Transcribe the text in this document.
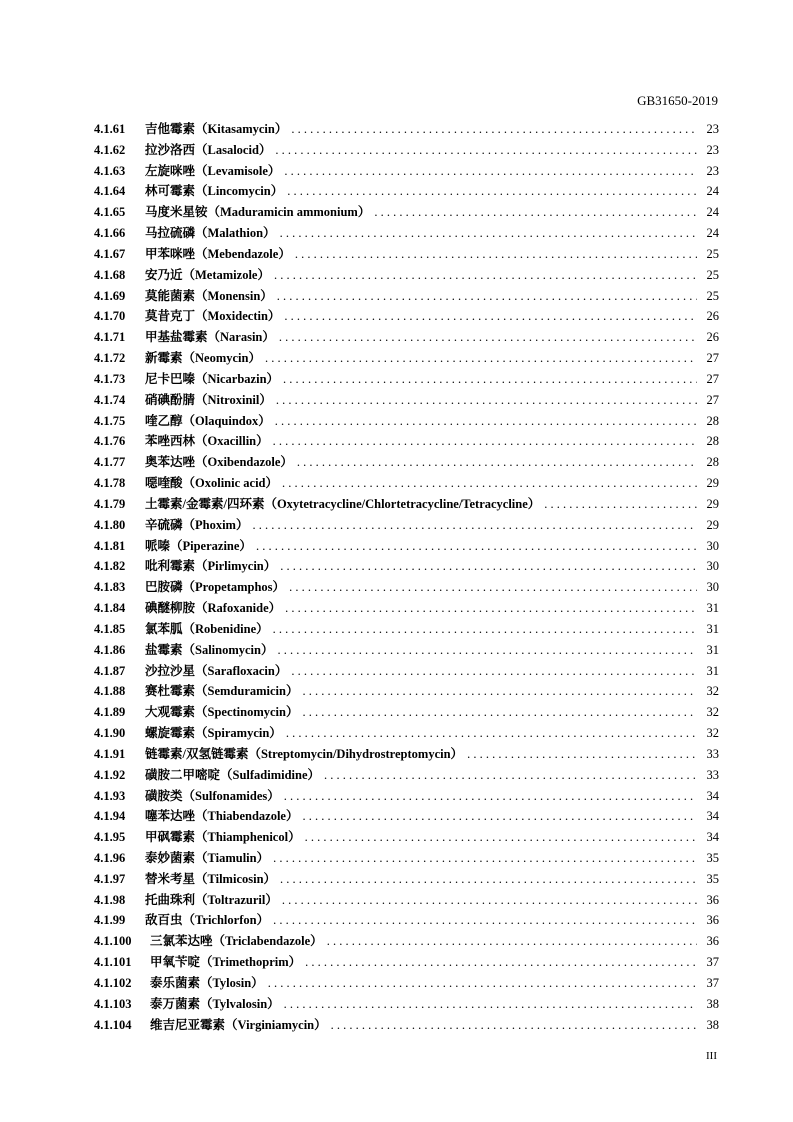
GB31650-2019
4.1.61	吉他霉素（Kitasamycin） . . .	23
4.1.62	拉沙洛西（Lasalocid） . . .	23
4.1.63	左旋咪唑（Levamisole） . . .	23
4.1.64	林可霉素（Lincomycin） . . .	24
4.1.65	马度米星铵（Maduramicin ammonium） . . .	24
4.1.66	马拉硫磷（Malathion） . . .	24
4.1.67	甲苯咪唑（Mebendazole） . . .	25
4.1.68	安乃近（Metamizole） . . .	25
4.1.69	莫能菌素（Monensin） . . .	25
4.1.70	莫昔克丁（Moxidectin） . . .	26
4.1.71	甲基盐霉素（Narasin） . . .	26
4.1.72	新霉素（Neomycin） . . .	27
4.1.73	尼卡巴嗪（Nicarbazin） . . .	27
4.1.74	硝碘酚腈（Nitroxinil） . . .	27
4.1.75	喹乙醇（Olaquindox） . . .	28
4.1.76	苯唑西林（Oxacillin） . . .	28
4.1.77	奥苯达唑（Oxibendazole） . . .	28
4.1.78	噁喹酸（Oxolinic acid） . . .	29
4.1.79	土霉素/金霉素/四环素（Oxytetracycline/Chlortetracycline/Tetracycline） . . .	29
4.1.80	辛硫磷（Phoxim） . . .	29
4.1.81	哌嗪（Piperazine） . . .	30
4.1.82	吡利霉素（Pirlimycin） . . .	30
4.1.83	巴胺磷（Propetamphos） . . .	30
4.1.84	碘醚柳胺（Rafoxanide） . . .	31
4.1.85	氯苯胍（Robenidine） . . .	31
4.1.86	盐霉素（Salinomycin） . . .	31
4.1.87	沙拉沙星（Sarafloxacin） . . .	31
4.1.88	赛杜霉素（Semduramicin） . . .	32
4.1.89	大观霉素（Spectinomycin） . . .	32
4.1.90	螺旋霉素（Spiramycin） . . .	32
4.1.91	链霉素/双氢链霉素（Streptomycin/Dihydrostreptomycin） . . .	33
4.1.92	磺胺二甲嘧啶（Sulfadimidine） . . .	33
4.1.93	磺胺类（Sulfonamides） . . .	34
4.1.94	噻苯达唑（Thiabendazole） . . .	34
4.1.95	甲砜霉素（Thiamphenicol） . . .	34
4.1.96	泰妙菌素（Tiamulin） . . .	35
4.1.97	替米考星（Tilmicosin） . . .	35
4.1.98	托曲珠利（Toltrazuril） . . .	36
4.1.99	敌百虫（Trichlorfon） . . .	36
4.1.100	三氯苯达唑（Triclabendazole） . . .	36
4.1.101	甲氧苄啶（Trimethoprim） . . .	37
4.1.102	泰乐菌素（Tylosin） . . .	37
4.1.103	泰万菌素（Tylvalosin） . . .	38
4.1.104	维吉尼亚霉素（Virginiamycin） . . .	38
III
